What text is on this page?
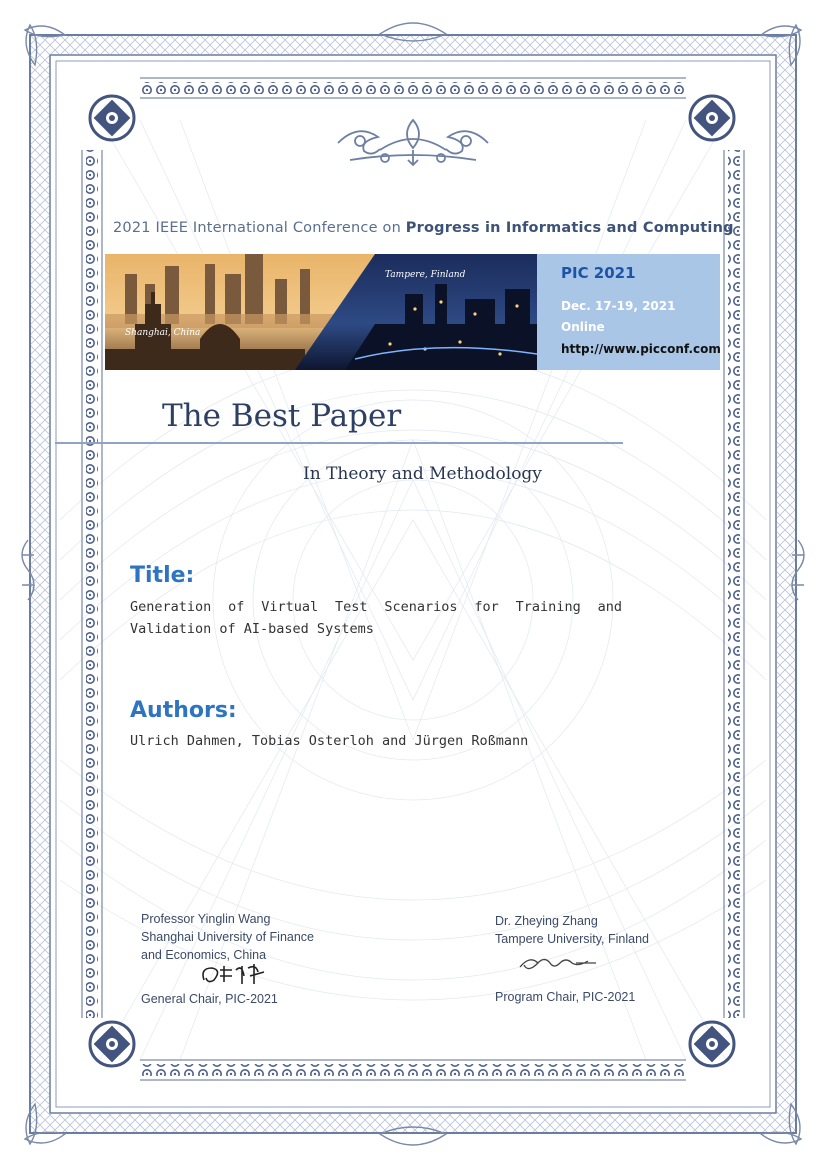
2021 IEEE International Conference on Progress in Informatics and Computing
Shanghai, China
Tampere, Finland	PIC 2021
Dec. 17-19, 2021
Online
http://www.picconf.com
The Best Paper
In Theory and Methodology
Title:
Generation of Virtual Test Scenarios for Training and
Validation of AI-based Systems
Authors:
Ulrich Dahmen, Tobias Osterloh and Jürgen Roßmann
Professor Yinglin Wang
Shanghai University of Finance
and Economics, China
General Chair, PIC-2021
Dr. Zheying Zhang
Tampere University, Finland
Program Chair, PIC-2021
